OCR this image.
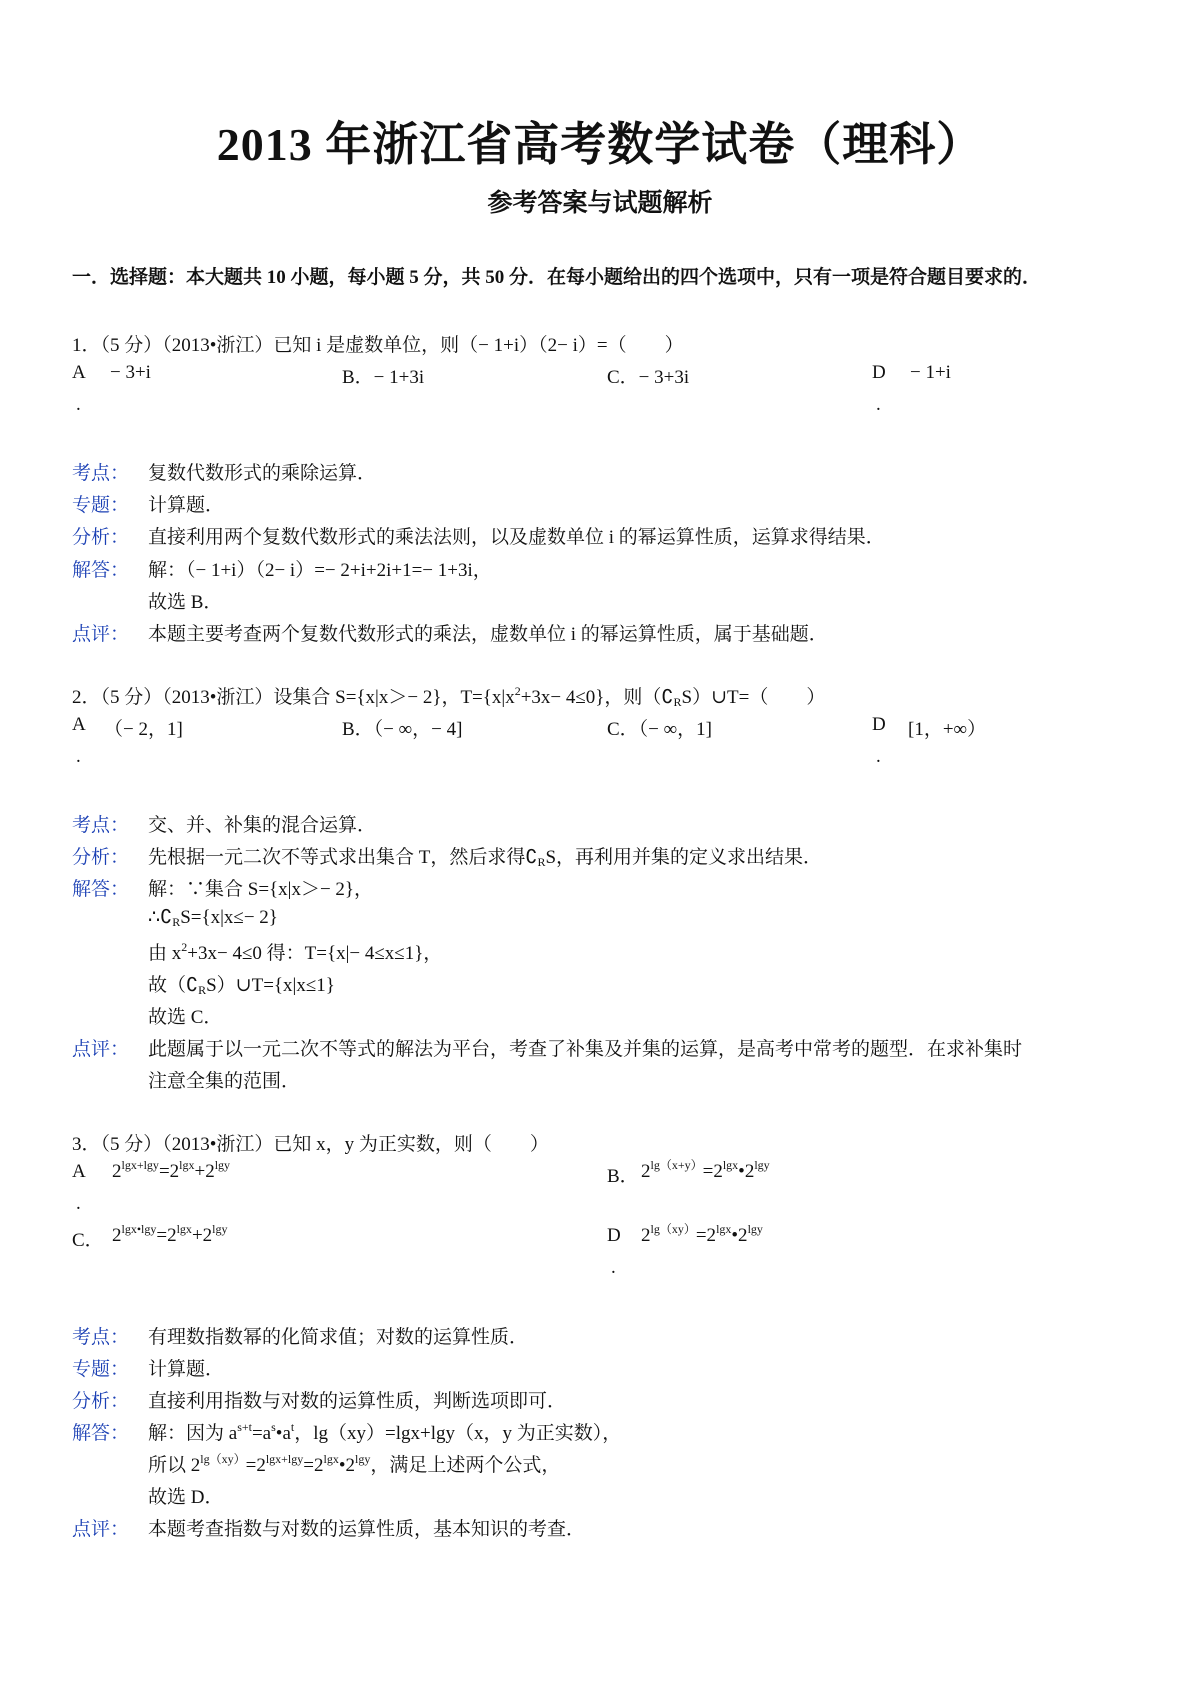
2013 年浙江省高考数学试卷（理科）
参考答案与试题解析
一．选择题：本大题共 10 小题，每小题 5 分，共 50 分．在每小题给出的四个选项中，只有一项是符合题目要求的．
1．（5 分）（2013•浙江）已知 i 是虚数单位，则（− 1+i）（2− i）=（　　）
A − 3+i
.
B．− 1+3i	C．− 3+3i	D − 1+i
.
考点： 复数代数形式的乘除运算．
专题： 计算题．
分析： 直接利用两个复数代数形式的乘法法则，以及虚数单位 i 的幂运算性质，运算求得结果．
解答： 解：（− 1+i）（2− i）=− 2+i+2i+1=− 1+3i，
故选 B．
点评： 本题主要考查两个复数代数形式的乘法，虚数单位 i 的幂运算性质，属于基础题．
2．（5 分）（2013•浙江）设集合 S={x|x＞− 2}，$T=\{x|x^2+3x- 4\le 0\}$，则$(∁_RS)\cup T=$（　　）
A （− 2，1]
.
B．（− ∞，− 4]	C．（− ∞，1]	D [1，+∞）
.
考点： 交、并、补集的混合运算．
分析： 先根据一元二次不等式求出集合 T，然后求得$∁_RS$，再利用并集的定义求出结果．
解答： 解：∵集合 S={x|x＞− 2}，
$\therefore∁_RS=\{x|x\le- 2\}$
由 $x^2+3x- 4\le 0$ 得：T={x|− 4≤x≤1}，
故$(∁_RS)\cup T=\{x|x\le 1\}$
故选 C．
点评： 此题属于以一元二次不等式的解法为平台，考查了补集及并集的运算，是高考中常考的题型．在求补集时
注意全集的范围．
3．（5 分）（2013•浙江）已知 x，y 为正实数，则（　　）
A $2^{lgx+lgy}=2^{lgx}+2^{lgy}$
.
B． $2^{lg(x+y)}=2^{lgx}•2^{lgy}$
C． $2^{lgx•lgy}=2^{lgx}+2^{lgy}$	D $2^{lg(xy)}=2^{lgx}•2^{lgy}$
.
考点： 有理数指数幂的化简求值；对数的运算性质．
专题： 计算题．
分析： 直接利用指数与对数的运算性质，判断选项即可．
解答： 解：因为 $a^{s+t}=a^s•a^t$，lg（xy）=lgx+lgy（x，y 为正实数），
所以 $2^{lg(xy)}=2^{lgx+lgy}=2^{lgx}•2^{lgy}$，满足上述两个公式，
故选 D．
点评： 本题考查指数与对数的运算性质，基本知识的考查．
